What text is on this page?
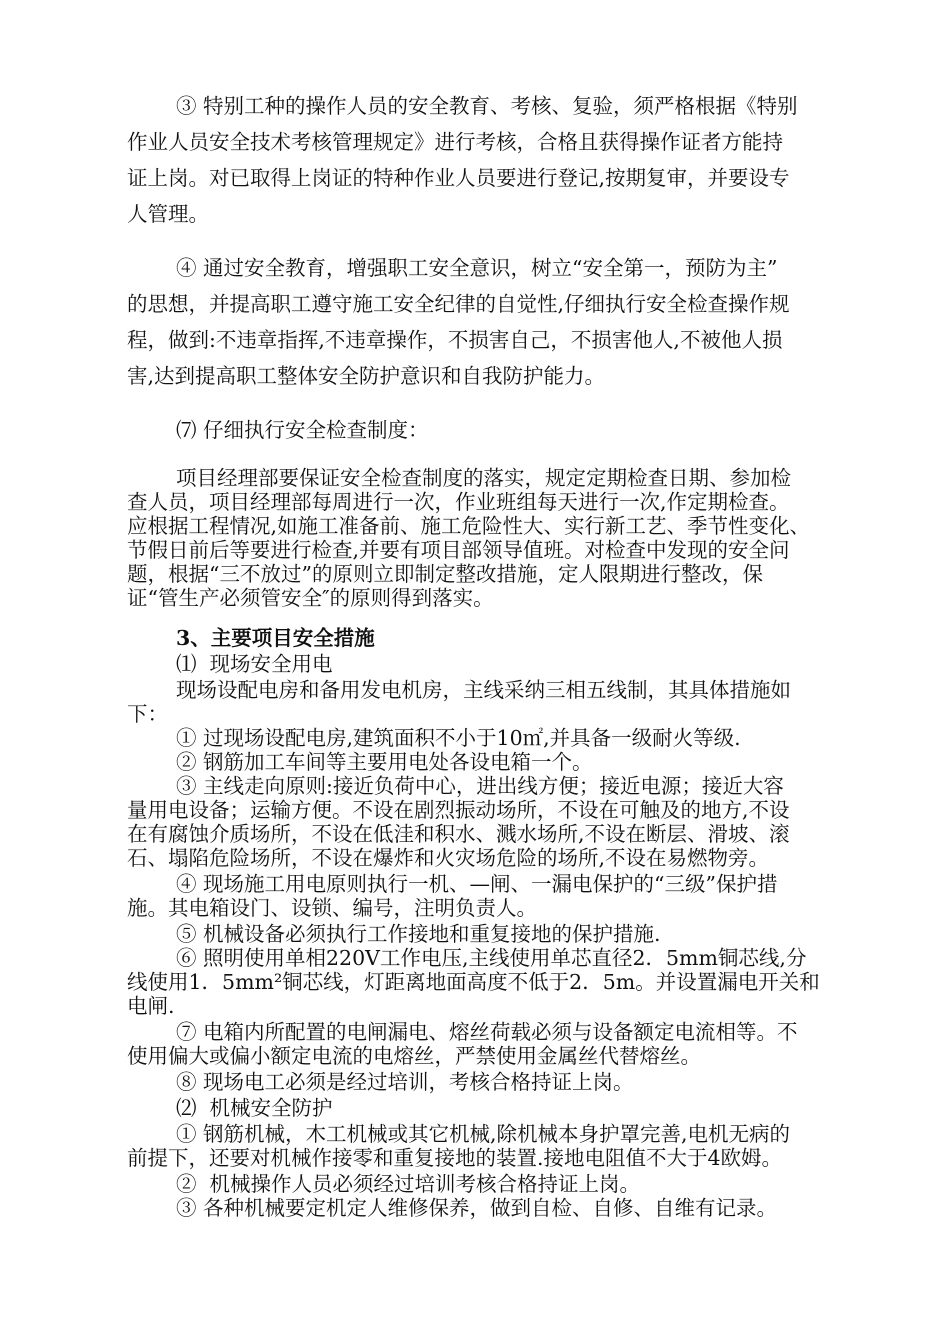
③ 特别工种的操作人员的安全教育、考核、复验，须严格根据《特别
作业人员安全技术考核管理规定》进行考核，合格且获得操作证者方能持
证上岗。对已取得上岗证的特种作业人员要进行登记,按期复审，并要设专
人管理。
④ 通过安全教育，增强职工安全意识，树立“安全第一，预防为主”
的思想，并提高职工遵守施工安全纪律的自觉性,仔细执行安全检查操作规
程，做到:不违章指挥,不违章操作，不损害自己，不损害他人,不被他人损
害,达到提高职工整体安全防护意识和自我防护能力。
⑺ 仔细执行安全检查制度：
项目经理部要保证安全检查制度的落实，规定定期检查日期、参加检
查人员，项目经理部每周进行一次，作业班组每天进行一次,作定期检查。
应根据工程情况,如施工准备前、施工危险性大、实行新工艺、季节性变化、
节假日前后等要进行检查,并要有项目部领导值班。对检查中发现的安全问
题，根据“三不放过”的原则立即制定整改措施，定人限期进行整改，保
证“管生产必须管安全″的原则得到落实。
3、主要项目安全措施
⑴  现场安全用电
现场设配电房和备用发电机房，主线采纳三相五线制，其具体措施如
下：
① 过现场设配电房,建筑面积不小于10㎡,并具备一级耐火等级.
② 钢筋加工车间等主要用电处各设电箱一个。
③ 主线走向原则:接近负荷中心，进出线方便；接近电源；接近大容
量用电设备；运输方便。不设在剧烈振动场所，不设在可触及的地方,不设
在有腐蚀介质场所，不设在低洼和积水、溅水场所,不设在断层、滑坡、滚
石、塌陷危险场所，不设在爆炸和火灾场危险的场所,不设在易燃物旁。
④ 现场施工用电原则执行一机、—闸、一漏电保护的“三级”保护措
施。其电箱设门、设锁、编号，注明负责人。
⑤ 机械设备必须执行工作接地和重复接地的保护措施.
⑥ 照明使用单相220V工作电压,主线使用单芯直径2．5mm铜芯线,分
线使用1．5mm²铜芯线，灯距离地面高度不低于2．5m。并设置漏电开关和
电闸.
⑦ 电箱内所配置的电闸漏电、熔丝荷载必须与设备额定电流相等。不
使用偏大或偏小额定电流的电熔丝，严禁使用金属丝代替熔丝。
⑧ 现场电工必须是经过培训，考核合格持证上岗。
⑵  机械安全防护
① 钢筋机械，木工机械或其它机械,除机械本身护罩完善,电机无病的
前提下，还要对机械作接零和重复接地的装置.接地电阻值不大于4欧姆。
②  机械操作人员必须经过培训考核合格持证上岗。
③ 各种机械要定机定人维修保养，做到自检、自修、自维有记录。
